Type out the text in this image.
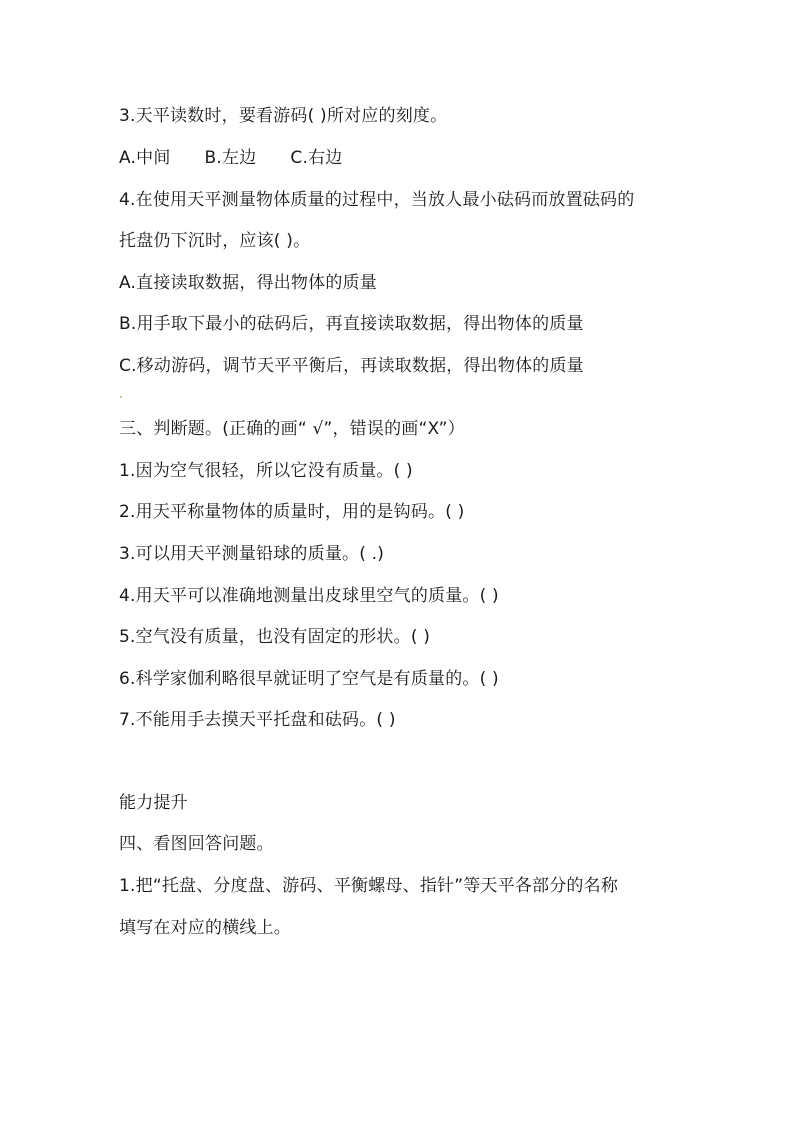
3.天平读数时，要看游码( )所对应的刻度。
A.中间 B.左边 C.右边
4.在使用天平测量物体质量的过程中，当放人最小砝码而放置砝码的
托盘仍下沉时，应该( )。
A.直接读取数据，得出物体的质量
B.用手取下最小的砝码后，再直接读取数据，得出物体的质量
C.移动游码，调节天平平衡后，再读取数据，得出物体的质量
三、判断题。(正确的画“ √”，错误的画“X”）
1.因为空气很轻，所以它没有质量。( )
2.用天平称量物体的质量时，用的是钩码。( )
3.可以用天平测量铅球的质量。( .)
4.用天平可以准确地测量出皮球里空气的质量。( )
5.空气没有质量，也没有固定的形状。( )
6.科学家伽利略很早就证明了空气是有质量的。( )
7.不能用手去摸天平托盘和砝码。( )
能力提升
四、看图回答问题。
1.把“托盘、分度盘、游码、平衡螺母、指针”等天平各部分的名称
填写在对应的横线上。
